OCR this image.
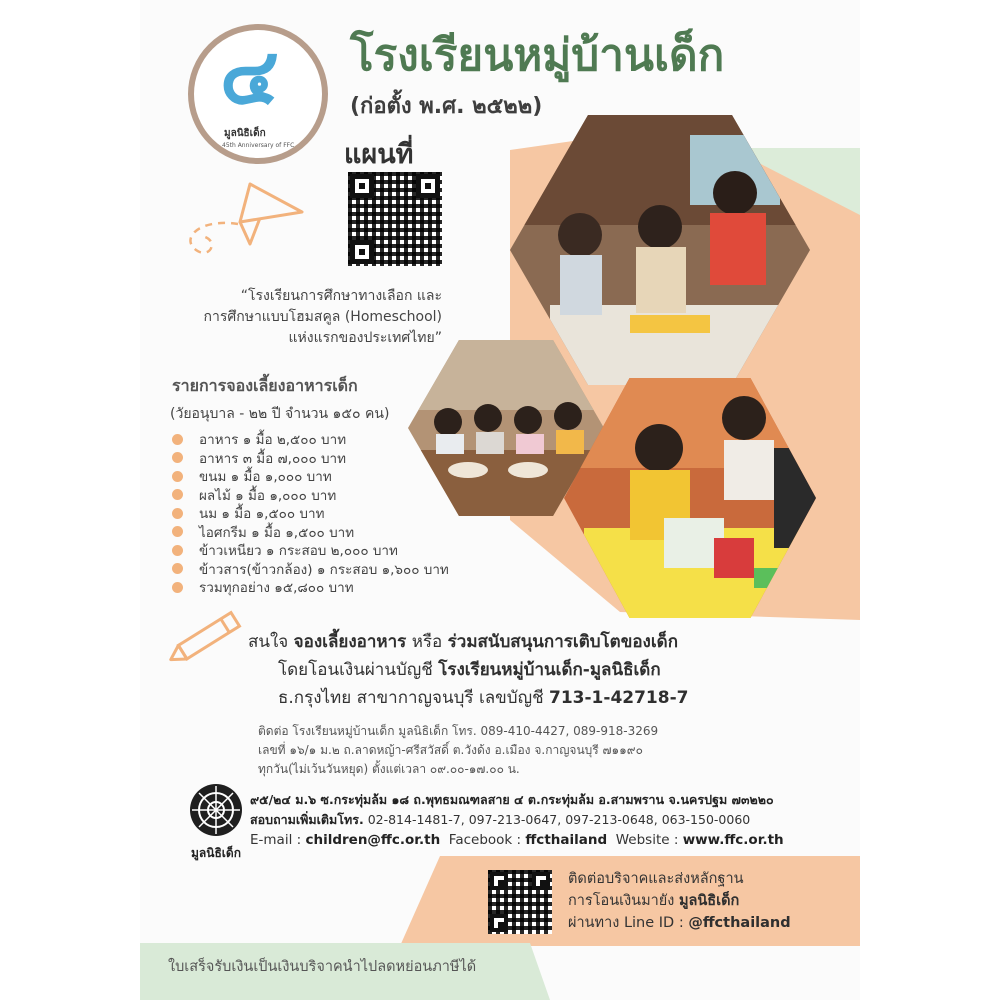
๔
มูลนิธิเด็ก
45th Anniversary of FFC
โรงเรียนหมู่บ้านเด็ก
(ก่อตั้ง พ.ศ. ๒๕๒๒)
แผนที่
“โรงเรียนการศึกษาทางเลือก และ
การศึกษาแบบโฮมสคูล (Homeschool)
แห่งแรกของประเทศไทย”
รายการจองเลี้ยงอาหารเด็ก
(วัยอนุบาล - ๒๒ ปี จำนวน ๑๕๐ คน)
อาหาร ๑ มื้อ ๒,๕๐๐ บาท
อาหาร ๓ มื้อ ๗,๐๐๐ บาท
ขนม ๑ มื้อ ๑,๐๐๐ บาท
ผลไม้ ๑ มื้อ ๑,๐๐๐ บาท
นม ๑ มื้อ ๑,๕๐๐ บาท
ไอศกรีม ๑ มื้อ ๑,๕๐๐ บาท
ข้าวเหนียว ๑ กระสอบ ๒,๐๐๐ บาท
ข้าวสาร(ข้าวกล้อง) ๑ กระสอบ ๑,๖๐๐ บาท
รวมทุกอย่าง ๑๕,๘๐๐ บาท
สนใจ จองเลี้ยงอาหาร หรือ ร่วมสนับสนุนการเติบโตของเด็ก
โดยโอนเงินผ่านบัญชี โรงเรียนหมู่บ้านเด็ก-มูลนิธิเด็ก
ธ.กรุงไทย สาขากาญจนบุรี เลขบัญชี 713-1-42718-7
ติดต่อ โรงเรียนหมู่บ้านเด็ก มูลนิธิเด็ก โทร. 089-410-4427, 089-918-3269
เลขที่ ๑๖/๑ ม.๒ ถ.ลาดหญ้า-ศรีสวัสดิ์ ต.วังด้ง อ.เมือง จ.กาญจนบุรี ๗๑๑๙๐
ทุกวัน(ไม่เว้นวันหยุด) ตั้งแต่เวลา ๐๙.๐๐-๑๗.๐๐ น.
มูลนิธิเด็ก
๙๕/๒๔ ม.๖ ซ.กระทุ่มล้ม ๑๘ ถ.พุทธมณฑลสาย ๔ ต.กระทุ่มล้ม อ.สามพราน จ.นครปฐม ๗๓๒๒๐
สอบถามเพิ่มเติมโทร. 02-814-1481-7, 097-213-0647, 097-213-0648, 063-150-0060
E-mail : children@ffc.or.th Facebook : ffcthailand Website : www.ffc.or.th
ติดต่อบริจาคและส่งหลักฐาน
การโอนเงินมายัง มูลนิธิเด็ก
ผ่านทาง Line ID : @ffcthailand
ใบเสร็จรับเงินเป็นเงินบริจาคนำไปลดหย่อนภาษีได้
